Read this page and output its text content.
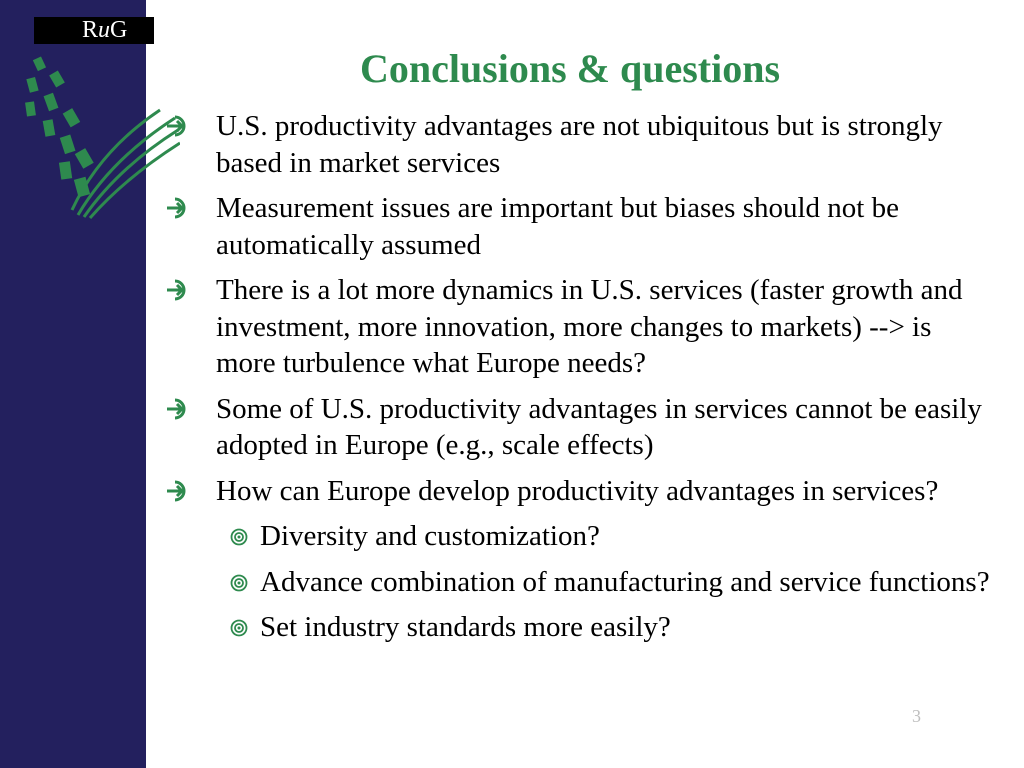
RuG
Conclusions & questions
U.S. productivity advantages are not ubiquitous but is strongly based in market services
Measurement issues are important but biases should not be automatically assumed
There is a lot more dynamics in U.S. services (faster growth and investment, more innovation, more changes to markets) --> is more turbulence what Europe needs?
Some of U.S. productivity advantages in services cannot be easily adopted in Europe (e.g., scale effects)
How can Europe develop productivity advantages in services?
Diversity and customization?
Advance combination of manufacturing and service functions?
Set industry standards more easily?
3
